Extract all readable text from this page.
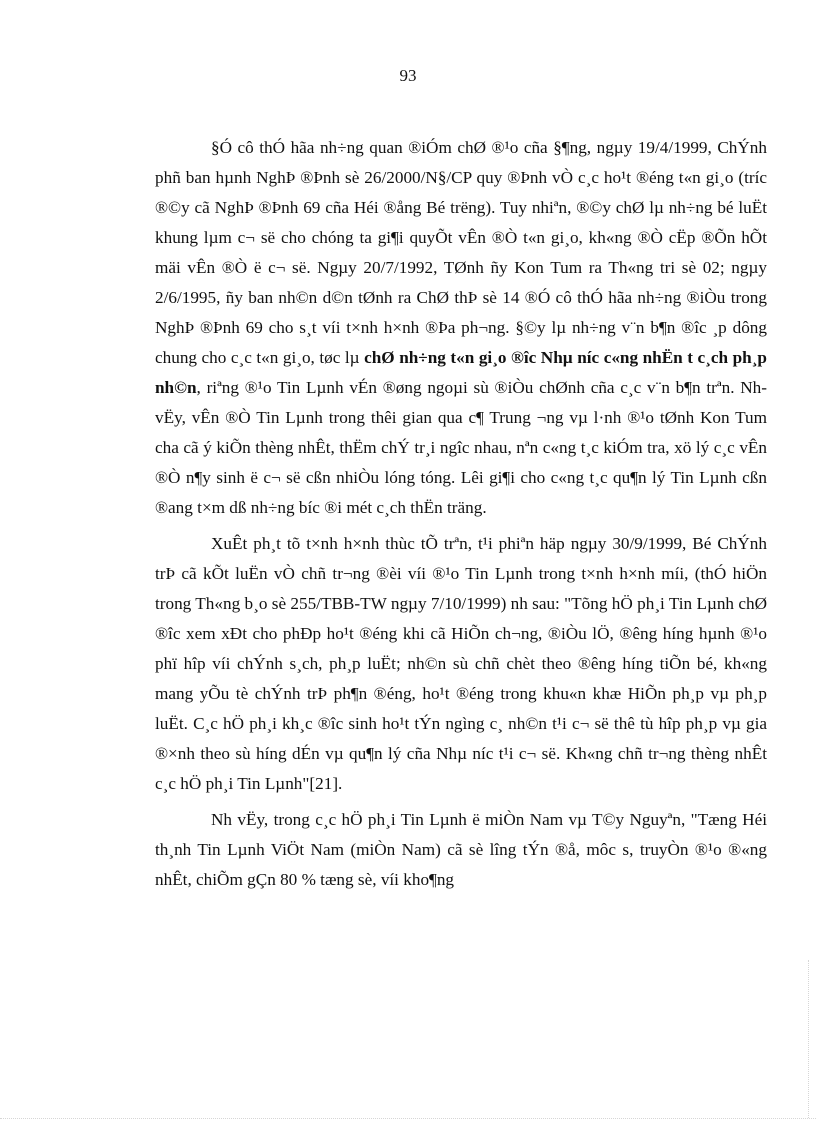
93

§Ó cô thÓ hãa nh÷ng quan ®iÓm chØ ®¹o cña §¶ng, ngµy 19/4/1999, ChÝnh phñ ban hµnh NghÞ ®Þnh sè 26/2000/N§/CP quy ®Þnh vÒ c¸c ho¹t ®éng t«n gi¸o (tríc ®©y cã NghÞ ®Þnh 69 cña Héi ®ång Bé trëng). Tuy nhiªn, ®©y chØ lµ nh÷ng bé luËt khung lµm c¬ së cho chóng ta gi¶i quyÕt vÊn ®Ò t«n gi¸o, kh«ng ®Ò cËp ®Õn hÕt mäi vÊn ®Ò ë c¬ së. Ngµy 20/7/1992, TØnh ñy Kon Tum ra Th«ng tri sè 02; ngµy 2/6/1995, ñy ban nh©n d©n tØnh ra ChØ thÞ sè 14 ®Ó cô thÓ hãa nh÷ng ®iÒu trong NghÞ ®Þnh 69 cho s¸t víi t×nh h×nh ®Þa ph¬ng. §©y lµ nh÷ng v¨n b¶n ®îc ¸p dông chung cho c¸c t«n gi¸o, tøc lµ chØ nh÷ng t«n gi¸o ®îc Nhµ níc c«ng nhËn t c¸ch ph¸p nh©n, riªng ®¹o Tin Lµnh vÉn ®øng ngoµi sù ®iÒu chØnh cña c¸c v¨n b¶n trªn. Nh vËy, vÊn ®Ò Tin Lµnh trong thêi gian qua c¶ Trung ¬ng vµ l·nh ®¹o tØnh Kon Tum cha cã ý kiÕn thèng nhÊt, thËm chÝ tr¸i ngîc nhau, nªn c«ng t¸c kiÓm tra, xö lý c¸c vÊn ®Ò n¶y sinh ë c¬ së cßn nhiÒu lóng tóng. Lêi gi¶i cho c«ng t¸c qu¶n lý Tin Lµnh cßn ®ang t×m dß nh÷ng bíc ®i mét c¸ch thËn träng.

XuÊt ph¸t tõ t×nh h×nh thùc tÕ trªn, t¹i phiªn häp ngµy 30/9/1999, Bé ChÝnh trÞ cã kÕt luËn vÒ chñ tr¬ng ®èi víi ®¹o Tin Lµnh trong t×nh h×nh míi, (thÓ hiÖn trong Th«ng b¸o sè 255/TBB-TW ngµy 7/10/1999) nh sau: "Tõng hÖ ph¸i Tin Lµnh chØ ®îc xem xÐt cho phÐp ho¹t ®éng khi cã HiÕn ch¬ng, ®iÒu lÖ, ®êng híng hµnh ®¹o phï hîp víi chÝnh s¸ch, ph¸p luËt; nh©n sù chñ chèt theo ®êng híng tiÕn bé, kh«ng mang yÕu tè chÝnh trÞ ph¶n ®éng, ho¹t ®éng trong khu«n khæ HiÕn ph¸p vµ ph¸p luËt. C¸c hÖ ph¸i kh¸c ®îc sinh ho¹t tÝn ngìng c¸ nh©n t¹i c¬ së thê tù hîp ph¸p vµ gia ®×nh theo sù híng dÉn vµ qu¶n lý cña Nhµ níc t¹i c¬ së. Kh«ng chñ tr¬ng thèng nhÊt c¸c hÖ ph¸i Tin Lµnh"[21].

Nh vËy, trong c¸c hÖ ph¸i Tin Lµnh ë miÒn Nam vµ T©y Nguyªn, "Tæng Héi th¸nh Tin Lµnh ViÖt Nam (miÒn Nam) cã sè lîng tÝn ®å, môc s, truyÒn ®¹o ®«ng nhÊt, chiÕm gÇn 80 % tæng sè, víi kho¶ng
